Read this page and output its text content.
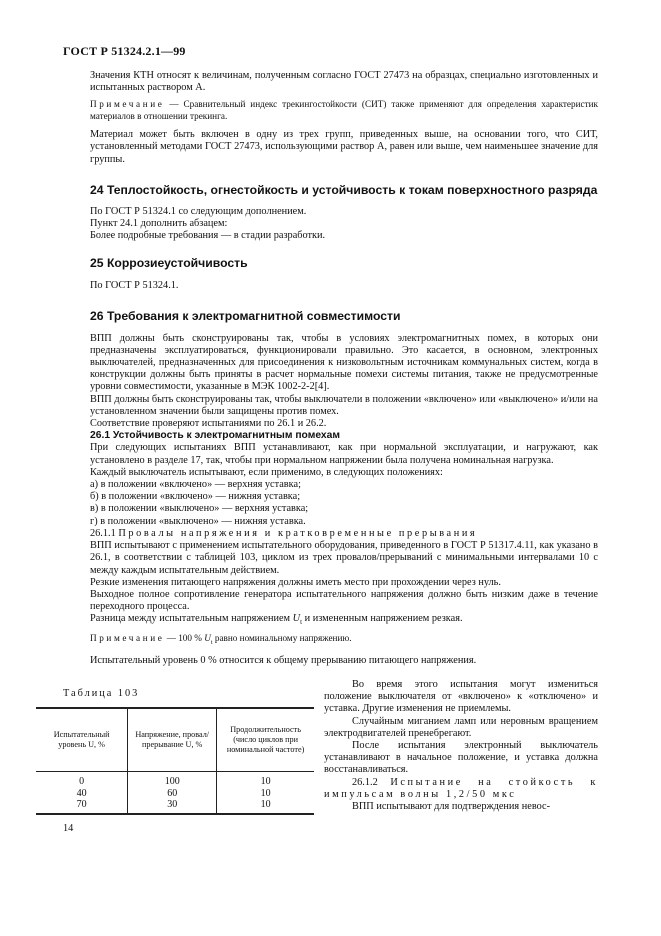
ГОСТ Р 51324.2.1—99

Значения КТН относят к величинам, полученным согласно ГОСТ 27473 на образцах, специально изготовленных и испытанных раствором А.

Примечание — Сравнительный индекс трекингостойкости (СИТ) также применяют для определения характеристик материалов в отношении трекинга.

Материал может быть включен в одну из трех групп, приведенных выше, на основании того, что СИТ, установленный методами ГОСТ 27473, использующими раствор А, равен или выше, чем наименьшее значение для группы.

24 Теплостойкость, огнестойкость и устойчивость к токам поверхностного разряда

По ГОСТ Р 51324.1 со следующим дополнением.

Пункт 24.1 дополнить абзацем:

Более подробные требования — в стадии разработки.

25 Коррозиеустойчивость

По ГОСТ Р 51324.1.

26 Требования к электромагнитной совместимости

ВПП должны быть сконструированы так, чтобы в условиях электромагнитных помех, в которых они предназначены эксплуатироваться, функционировали правильно. Это касается, в основном, электронных выключателей, предназначенных для присоединения к низковольтным источникам коммунальных систем, когда в конструкции должны быть приняты в расчет нормальные помехи системы питания, также не предусмотренные уровни совместимости, указанные в МЭК 1002-2-2[4].

ВПП должны быть сконструированы так, чтобы выключатели в положении «включено» или «выключено» и/или на установленном значении были защищены против помех.

Соответствие проверяют испытаниями по 26.1 и 26.2.

26.1 Устойчивость к электромагнитным помехам

При следующих испытаниях ВПП устанавливают, как при нормальной эксплуатации, и нагружают, как установлено в разделе 17, так, чтобы при нормальном напряжении была получена номинальная нагрузка.

Каждый выключатель испытывают, если применимо, в следующих положениях:

а) в положении «включено» — верхняя уставка;

б) в положении «включено» — нижняя уставка;

в) в положении «выключено» — верхняя уставка;

г) в положении «выключено» — нижняя уставка.

26.1.1 Провалы напряжения и кратковременные прерывания

ВПП испытывают с применением испытательного оборудования, приведенного в ГОСТ Р 51317.4.11, как указано в 26.1, в соответствии с таблицей 103, циклом из трех провалов/прерываний с минимальными интервалами 10 с между каждым испытательным действием.

Резкие изменения питающего напряжения должны иметь место при прохождении через нуль.

Выходное полное сопротивление генератора испытательного напряжения должно быть низким даже в течение переходного процесса.

Разница между испытательным напряжением $U_t$ и измененным напряжением резкая.

Примечание — 100 % $U_t$ равно номинальному напряжению.

Испытательный уровень 0 % относится к общему прерыванию питающего напряжения.

Таблица 103
Испытательный уровень U, %	Напряжение, провал/прерывание U, %	Продолжительность (число циклов при номинальной частоте)
0	100	10
40	60	10
70	30	10

Во время этого испытания могут измениться положение выключателя от «включено» к «отключено» и уставка. Другие изменения не приемлемы.

Случайным миганием ламп или неровным вращением электродвигателей пренебрегают.

После испытания электронный выключатель устанавливают в начальное положение, и уставка должна восстанавливаться.

26.1.2 Испытание на стойкость к импульсам волны 1,2/50 мкс

ВПП испытывают для подтверждения невос-

14
